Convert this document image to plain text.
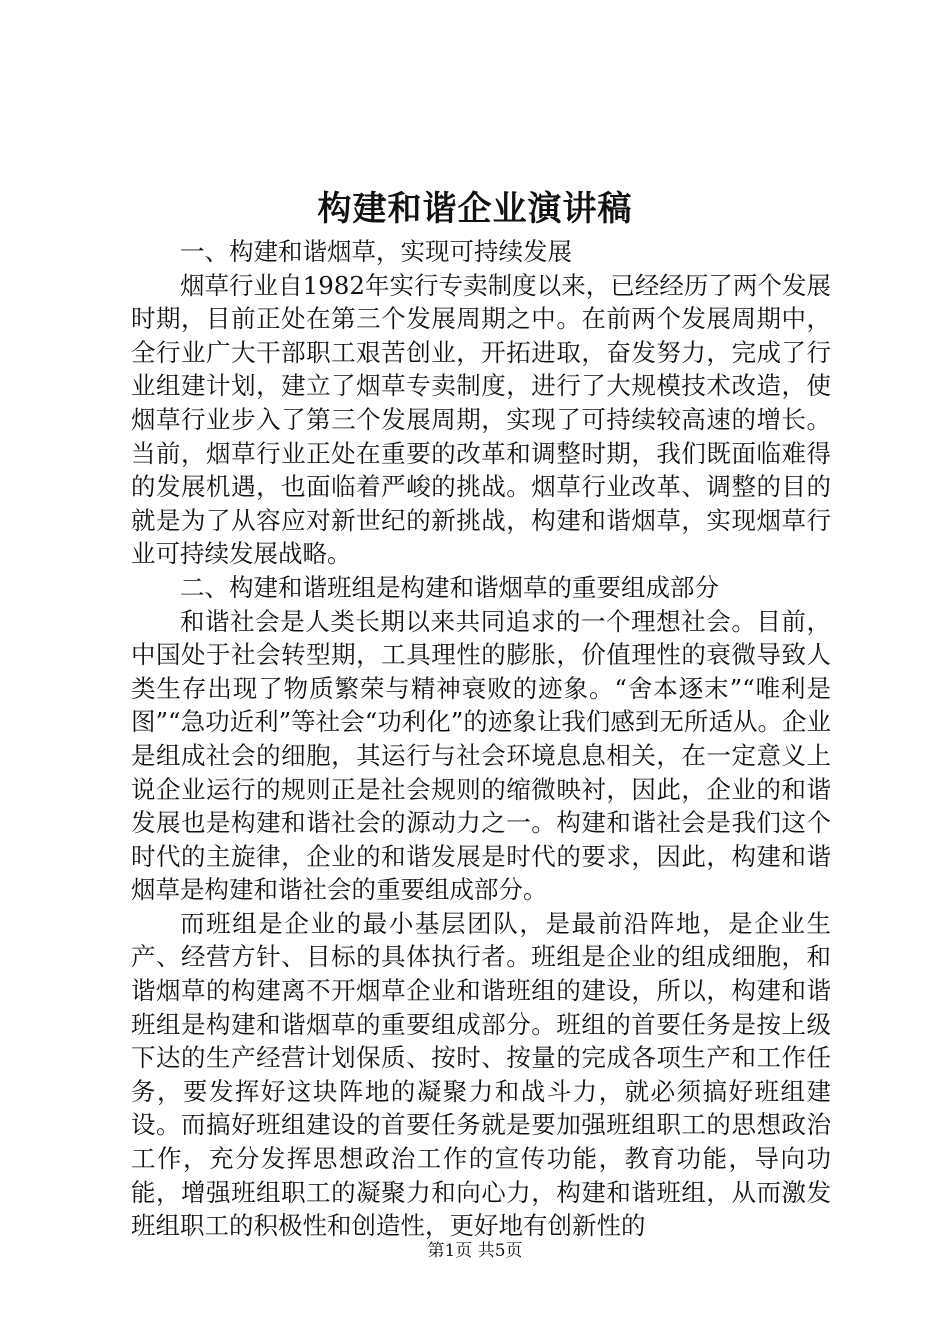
构建和谐企业演讲稿

一、构建和谐烟草，实现可持续发展

烟草行业自1982年实行专卖制度以来，已经经历了两个发展时期，目前正处在第三个发展周期之中。在前两个发展周期中，全行业广大干部职工艰苦创业，开拓进取，奋发努力，完成了行业组建计划，建立了烟草专卖制度，进行了大规模技术改造，使烟草行业步入了第三个发展周期，实现了可持续较高速的增长。当前，烟草行业正处在重要的改革和调整时期，我们既面临难得的发展机遇，也面临着严峻的挑战。烟草行业改革、调整的目的就是为了从容应对新世纪的新挑战，构建和谐烟草，实现烟草行业可持续发展战略。

二、构建和谐班组是构建和谐烟草的重要组成部分

和谐社会是人类长期以来共同追求的一个理想社会。目前，中国处于社会转型期，工具理性的膨胀，价值理性的衰微导致人类生存出现了物质繁荣与精神衰败的迹象。“舍本逐末”“唯利是图”“急功近利”等社会“功利化”的迹象让我们感到无所适从。企业是组成社会的细胞，其运行与社会环境息息相关，在一定意义上说企业运行的规则正是社会规则的缩微映衬，因此，企业的和谐发展也是构建和谐社会的源动力之一。构建和谐社会是我们这个时代的主旋律，企业的和谐发展是时代的要求，因此，构建和谐烟草是构建和谐社会的重要组成部分。

而班组是企业的最小基层团队，是最前沿阵地，是企业生产、经营方针、目标的具体执行者。班组是企业的组成细胞，和谐烟草的构建离不开烟草企业和谐班组的建设，所以，构建和谐班组是构建和谐烟草的重要组成部分。班组的首要任务是按上级下达的生产经营计划保质、按时、按量的完成各项生产和工作任务，要发挥好这块阵地的凝聚力和战斗力，就必须搞好班组建设。而搞好班组建设的首要任务就是要加强班组职工的思想政治工作，充分发挥思想政治工作的宣传功能，教育功能，导向功能，增强班组职工的凝聚力和向心力，构建和谐班组，从而激发班组职工的积极性和创造性，更好地有创新性的

第1页 共5页
